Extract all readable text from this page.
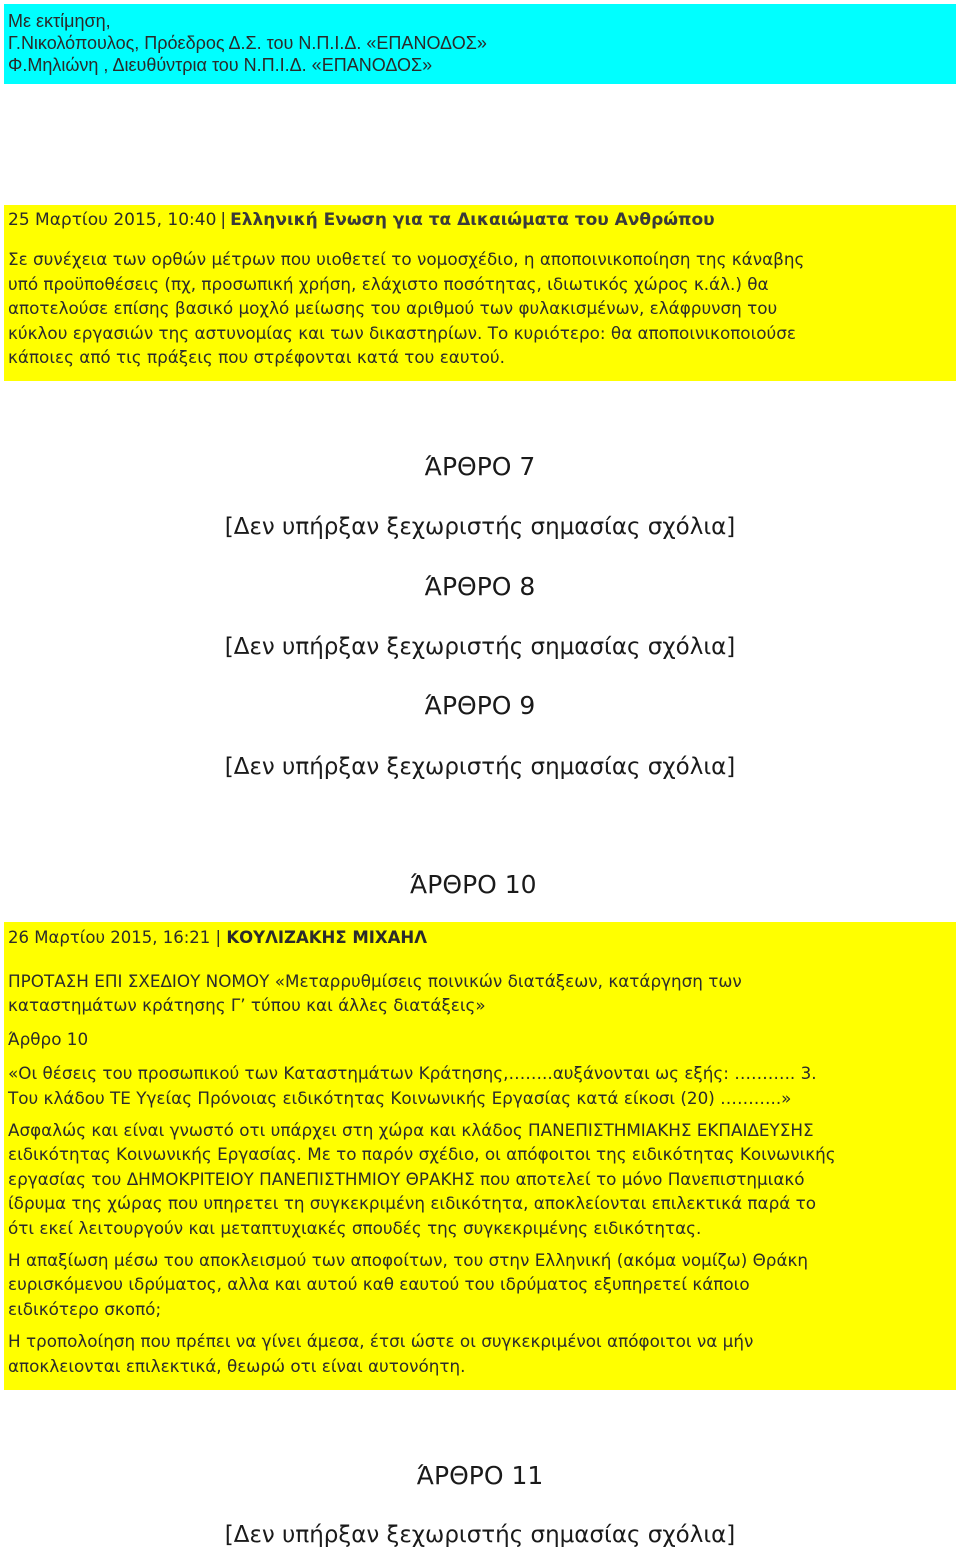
Με εκτίμηση,
Γ.Νικολόπουλος, Πρόεδρος Δ.Σ. του Ν.Π.Ι.Δ. «ΕΠΑΝΟΔΟΣ»
Φ.Μηλιώνη , Διευθύντρια του Ν.Π.Ι.Δ. «ΕΠΑΝΟΔΟΣ»
25 Μαρτίου 2015, 10:40 | Ελληνική Ενωση για τα Δικαιώματα του Ανθρώπου
Σε συνέχεια των ορθών μέτρων που υιοθετεί το νομοσχέδιο, η αποποινικοποίηση της κάναβης
υπό προϋποθέσεις (πχ, προσωπική χρήση, ελάχιστο ποσότητας, ιδιωτικός χώρος κ.άλ.) θα
αποτελούσε επίσης βασικό μοχλό μείωσης του αριθμού των φυλακισμένων, ελάφρυνση του
κύκλου εργασιών της αστυνομίας και των δικαστηρίων. Το κυριότερο: θα αποποινικοποιούσε
κάποιες από τις πράξεις που στρέφονται κατά του εαυτού.
ΆΡΘΡΟ 7
[Δεν υπήρξαν ξεχωριστής σημασίας σχόλια]
ΆΡΘΡΟ 8
[Δεν υπήρξαν ξεχωριστής σημασίας σχόλια]
ΆΡΘΡΟ 9
[Δεν υπήρξαν ξεχωριστής σημασίας σχόλια]
ΆΡΘΡΟ 10
26 Μαρτίου 2015, 16:21 | ΚΟΥΛΙΖΑΚΗΣ ΜΙΧΑΗΛ
ΠΡΟΤΑΣΗ ΕΠΙ ΣΧΕΔΙΟΥ ΝΟΜΟΥ «Μεταρρυθμίσεις ποινικών διατάξεων, κατάργηση των
καταστημάτων κράτησης Γ’ τύπου και άλλες διατάξεις»
Άρθρο 10
«Οι θέσεις του προσωπικού των Καταστημάτων Κράτησης,……..αυξάνονται ως εξής: ……….. 3.
Του κλάδου ΤΕ Υγείας Πρόνοιας ειδικότητας Κοινωνικής Εργασίας κατά είκοσι (20) ………..»
Ασφαλώς και είναι γνωστό οτι υπάρχει στη χώρα και κλάδος ΠΑΝΕΠΙΣΤΗΜΙΑΚΗΣ ΕΚΠΑΙΔΕΥΣΗΣ
ειδικότητας Κοινωνικής Εργασίας. Με το παρόν σχέδιο, οι απόφοιτοι της ειδικότητας Κοινωνικής
εργασίας του ΔΗΜΟΚΡΙΤΕΙΟΥ ΠΑΝΕΠΙΣΤΗΜΙΟΥ ΘΡΑΚΗΣ που αποτελεί το μόνο Πανεπιστημιακό
ίδρυμα της χώρας που υπηρετει τη συγκεκριμένη ειδικότητα, αποκλείονται επιλεκτικά παρά το
ότι εκεί λειτουργούν και μεταπτυχιακές σπουδές της συγκεκριμένης ειδικότητας.
Η απαξίωση μέσω του αποκλεισμού των αποφοίτων, του στην Ελληνική (ακόμα νομίζω) Θράκη
ευρισκόμενου ιδρύματος, αλλα και αυτού καθ εαυτού του ιδρύματος εξυπηρετεί κάποιο
ειδικότερο σκοπό;
Η τροπολοίηση που πρέπει να γίνει άμεσα, έτσι ώστε οι συγκεκριμένοι απόφοιτοι να μήν
αποκλειονται επιλεκτικά, θεωρώ οτι είναι αυτονόητη.
ΆΡΘΡΟ 11
[Δεν υπήρξαν ξεχωριστής σημασίας σχόλια]
